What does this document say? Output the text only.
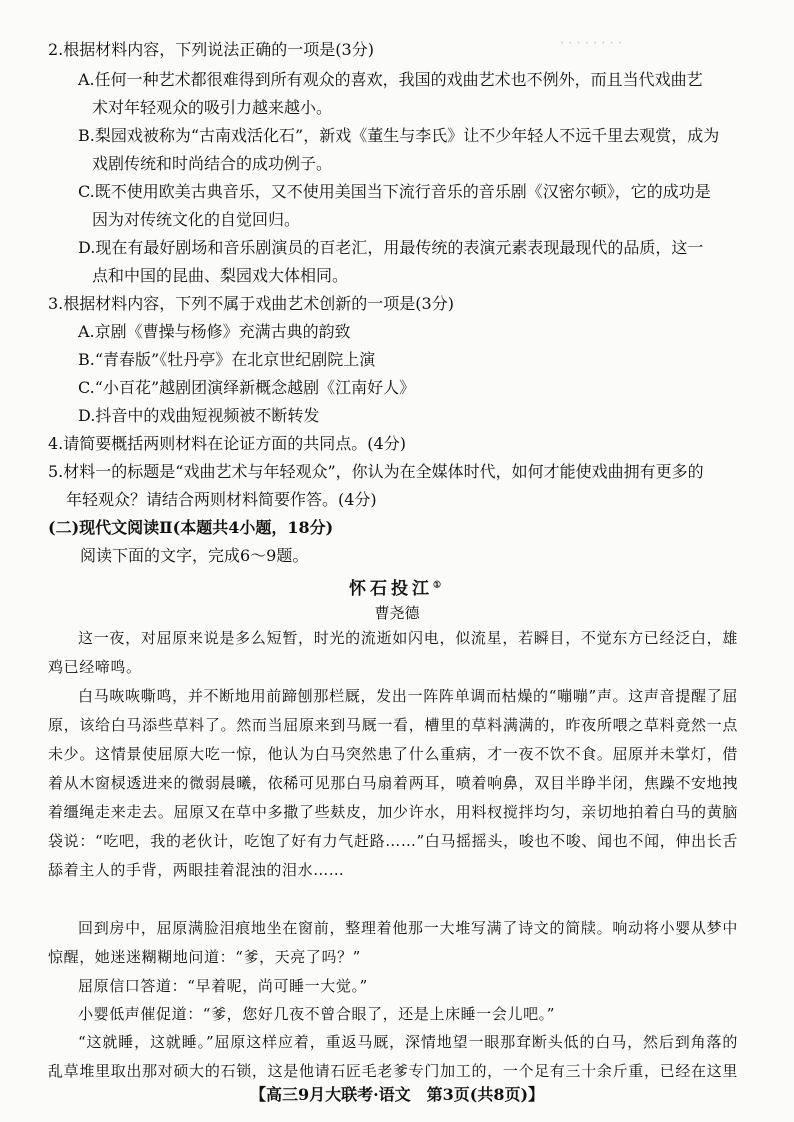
· · · · · · · ·
2.根据材料内容，下列说法正确的一项是(3分)
A.任何一种艺术都很难得到所有观众的喜欢，我国的戏曲艺术也不例外，而且当代戏曲艺
术对年轻观众的吸引力越来越小。
B.梨园戏被称为“古南戏活化石”，新戏《董生与李氏》让不少年轻人不远千里去观赏，成为
戏剧传统和时尚结合的成功例子。
C.既不使用欧美古典音乐，又不使用美国当下流行音乐的音乐剧《汉密尔顿》，它的成功是
因为对传统文化的自觉回归。
D.现在有最好剧场和音乐剧演员的百老汇，用最传统的表演元素表现最现代的品质，这一
点和中国的昆曲、梨园戏大体相同。
3.根据材料内容，下列不属于戏曲艺术创新的一项是(3分)
A.京剧《曹操与杨修》充满古典的韵致
B.“青春版”《牡丹亭》在北京世纪剧院上演
C.“小百花”越剧团演绎新概念越剧《江南好人》
D.抖音中的戏曲短视频被不断转发
4.请简要概括两则材料在论证方面的共同点。(4分)
5.材料一的标题是“戏曲艺术与年轻观众”，你认为在全媒体时代，如何才能使戏曲拥有更多的
年轻观众？请结合两则材料简要作答。(4分)
(二)现代文阅读Ⅱ(本题共4小题，18分)
阅读下面的文字，完成6～9题。
怀石投江①
曹尧德
这一夜，对屈原来说是多么短暂，时光的流逝如闪电，似流星，若瞬目，不觉东方已经泛白，雄鸡已经啼鸣。
白马咴咴嘶鸣，并不断地用前蹄刨那栏厩，发出一阵阵单调而枯燥的“嘣嘣”声。这声音提醒了屈原，该给白马添些草料了。然而当屈原来到马厩一看，槽里的草料满满的，昨夜所喂之草料竟然一点未少。这情景使屈原大吃一惊，他认为白马突然患了什么重病，才一夜不饮不食。屈原并未掌灯，借着从木窗棂透进来的微弱晨曦，依稀可见那白马扇着两耳，喷着响鼻，双目半睁半闭，焦躁不安地拽着缰绳走来走去。屈原又在草中多撒了些麸皮，加少许水，用料杈搅拌均匀，亲切地拍着白马的黄脑袋说：“吃吧，我的老伙计，吃饱了好有力气赶路……”白马摇摇头，唆也不唆、闻也不闻，伸出长舌舔着主人的手背，两眼挂着混浊的泪水……
回到房中，屈原满脸泪痕地坐在窗前，整理着他那一大堆写满了诗文的简牍。响动将小婴从梦中惊醒，她迷迷糊糊地问道：“爹，天亮了吗？”
屈原信口答道：“早着呢，尚可睡一大觉。”
小婴低声催促道：“爹，您好几夜不曾合眼了，还是上床睡一会儿吧。”
“这就睡，这就睡。”屈原这样应着，重返马厩，深情地望一眼那耷断头低的白马，然后到角落的乱草堆里取出那对硕大的石锁，这是他请石匠毛老爹专门加工的，一个足有三十余斤重，已经在这里
【高三9月大联考·语文　第3页(共8页)】
